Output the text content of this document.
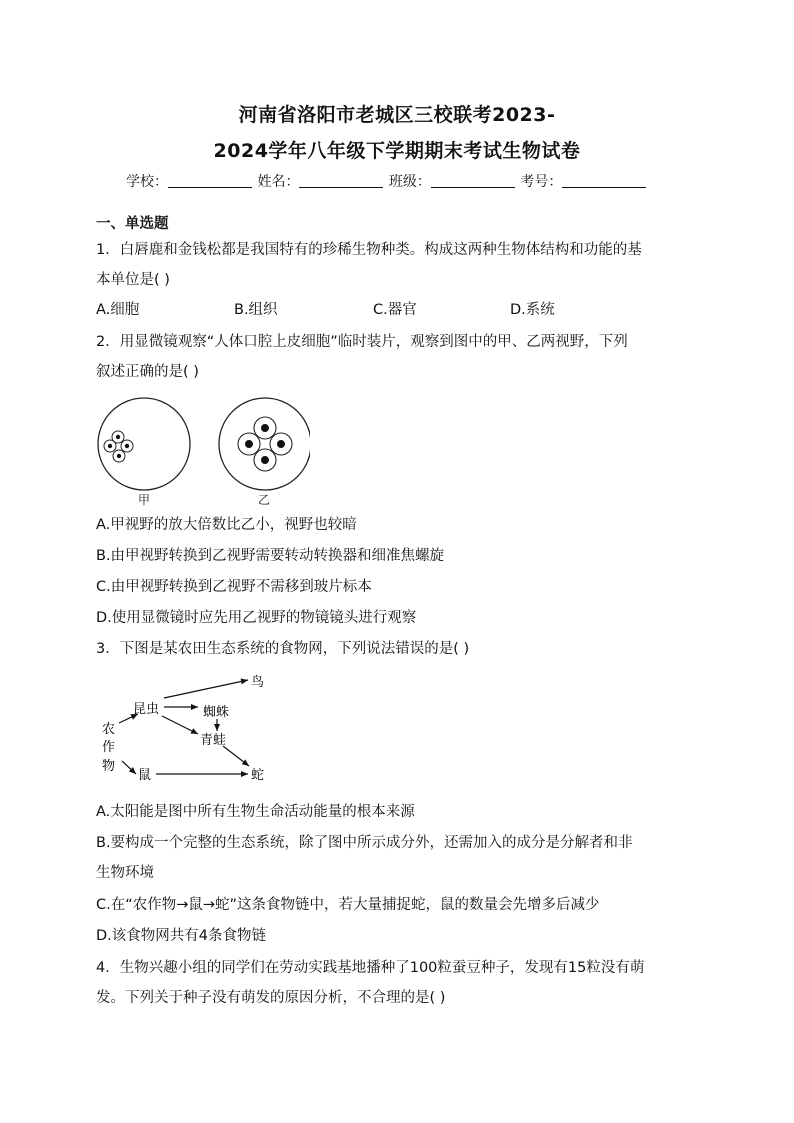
河南省洛阳市老城区三校联考2023-
2024学年八年级下学期期末考试生物试卷
学校：	姓名：	班级：	考号：
一、单选题
1．白唇鹿和金钱松都是我国特有的珍稀生物种类。构成这两种生物体结构和功能的基
本单位是( )
A.细胞	B.组织	C.器官	D.系统
2．用显微镜观察“人体口腔上皮细胞”临时装片，观察到图中的甲、乙两视野，下列
叙述正确的是( )
甲	乙
A.甲视野的放大倍数比乙小，视野也较暗
B.由甲视野转换到乙视野需要转动转换器和细准焦螺旋
C.由甲视野转换到乙视野不需移到玻片标本
D.使用显微镜时应先用乙视野的物镜镜头进行观察
3．下图是某农田生态系统的食物网，下列说法错误的是( )
农
作
物
昆虫
鸟
蜘蛛
青蛙
鼠	蛇
A.太阳能是图中所有生物生命活动能量的根本来源
B.要构成一个完整的生态系统，除了图中所示成分外，还需加入的成分是分解者和非
生物环境
C.在“农作物→鼠→蛇”这条食物链中，若大量捕捉蛇，鼠的数量会先增多后减少
D.该食物网共有4条食物链
4．生物兴趣小组的同学们在劳动实践基地播种了100粒蚕豆种子，发现有15粒没有萌
发。下列关于种子没有萌发的原因分析，不合理的是( )
